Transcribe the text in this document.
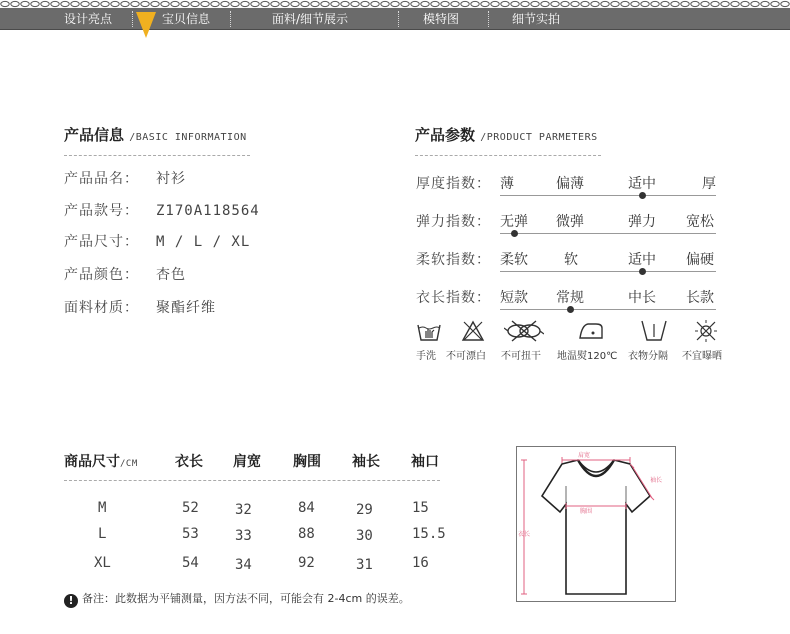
设计亮点	宝贝信息	面料/细节展示	模特图	细节实拍
产品信息 /BASIC INFORMATION
产品品名： 衬衫
产品款号： Z170A118564
产品尺寸： M / L / XL
产品颜色： 杏色
面料材质： 聚酯纤维
产品参数 /PRODUCT PARMETERS
厚度指数： 薄	偏薄	适中	厚
弹力指数： 无弹 微弹	弹力 宽松
柔软指数： 柔软	软	适中 偏硬
衣长指数： 短款 常规	中长 长款
手洗 不可漂白 不可扭干 地温熨120℃ 衣物分隔 不宜曝晒
商品尺寸/CM	衣长 肩宽 胸围 袖长 袖口
M	52	32	84	29	15
L	53	33	88	30	15.5
XL	54	34	92	31	16
! 备注：此数据为平铺测量，因方法不同，可能会有 2-4cm 的误差。
肩宽
袖长
胸围
衣长
